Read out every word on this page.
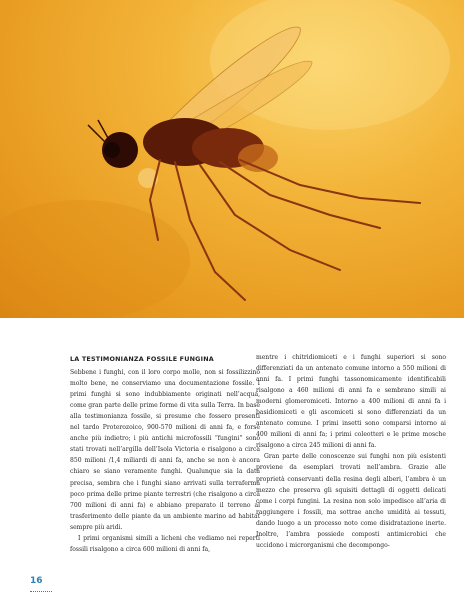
LA TESTIMONIANZA FOSSILE FUNGINA

Sebbene i funghi, con il loro corpo molle, non si fossilizzino molto bene, ne conserviamo una documentazione fossile. I primi funghi si sono indubbiamente originati nell’acqua, come gran parte delle prime forme di vita sulla Terra. In base alla testimonianza fossile, si presume che fossero presenti nel tardo Proterozoico, 900-570 milioni di anni fa, e forse anche più indietro; i più antichi microfossili “fungini” sono stati trovati nell’argilla dell’Isola Victoria e risalgono a circa 850 milioni /1,4 miliardi di anni fa, anche se non è ancora chiaro se siano veramente funghi. Qualunque sia la data precisa, sembra che i funghi siano arrivati sulla terraferma poco prima delle prime piante terrestri (che risalgono a circa 700 milioni di anni fa) e abbiano preparato il terreno al trasferimento delle piante da un ambiente marino ad habitat sempre più aridi.

I primi organismi simili a licheni che vediamo nei reperti fossili risalgono a circa 600 milioni di anni fa,

mentre i chitridiomiceti e i funghi superiori si sono differenziati da un antenato comune intorno a 550 milioni di anni fa. I primi funghi tassonomicamente identificabili risalgono a 460 milioni di anni fa e sembrano simili ai moderni glomeromiceti. Intorno a 400 milioni di anni fa i basidiomiceti e gli ascomiceti si sono differenziati da un antenato comune. I primi insetti sono comparsi intorno ai 400 milioni di anni fa; i primi coleotteri e le prime mosche risalgono a circa 245 milioni di anni fa.

Gran parte delle conoscenze sui funghi non più esistenti proviene da esemplari trovati nell’ambra. Grazie alle proprietà conservanti della resina degli alberi, l’ambra è un mezzo che preserva gli squisiti dettagli di oggetti delicati come i corpi fungini. La resina non solo impedisce all’aria di raggiungere i fossili, ma sottrae anche umidità ai tessuti, dando luogo a un processo noto come disidratazione inerte. Inoltre, l’ambra possiede composti antimicrobici che uccidono i microrganismi che decompongo-

16
